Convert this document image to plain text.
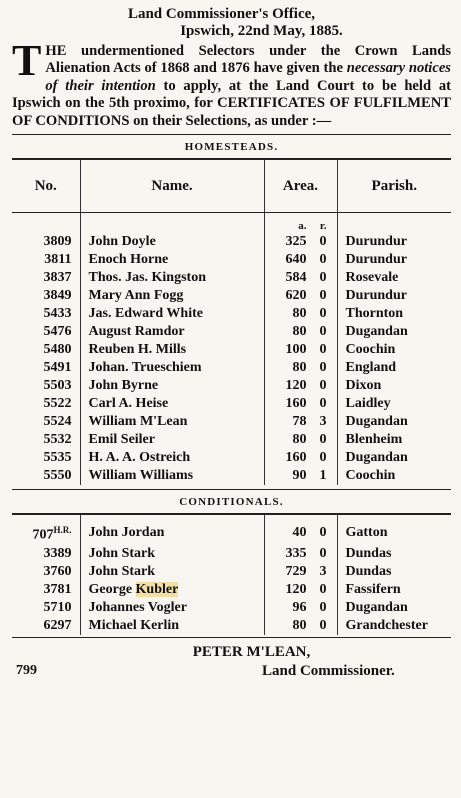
Land Commissioner's Office,
Ipswich, 22nd May, 1885.
THE undermentioned Selectors under the Crown Lands Alienation Acts of 1868 and 1876 have given the necessary notices of their intention to apply, at the Land Court to be held at Ipswich on the 5th proximo, for CERTIFICATES OF FULFILMENT OF CONDITIONS on their Selections, as under :—
HOMESTEADS.
No.	Name.	Area.	Parish.

		a. r.	
3809	John Doyle	325 0	Durundur
3811	Enoch Horne	640 0	Durundur
3837	Thos. Jas. Kingston	584 0	Rosevale
3849	Mary Ann Fogg	620 0	Durundur
5433	Jas. Edward White	80 0	Thornton
5476	August Ramdor	80 0	Dugandan
5480	Reuben H. Mills	100 0	Coochin
5491	Johan. Trueschiem	80 0	England
5503	John Byrne	120 0	Dixon
5522	Carl A. Heise	160 0	Laidley
5524	William M'Lean	78 3	Dugandan
5532	Emil Seiler	80 0	Blenheim
5535	H. A. A. Ostreich	160 0	Dugandan
5550	William Williams	90 1	Coochin
CONDITIONALS.

$707^{H.R.}$	John Jordan	40 0	Gatton
3389	John Stark	335 0	Dundas
3760	John Stark	729 3	Dundas
3781	George Kubler	120 0	Fassifern
5710	Johannes Vogler	96 0	Dugandan
6297	Michael Kerlin	80 0	Grandchester
PETER M'LEAN,
799	Land Commissioner.
